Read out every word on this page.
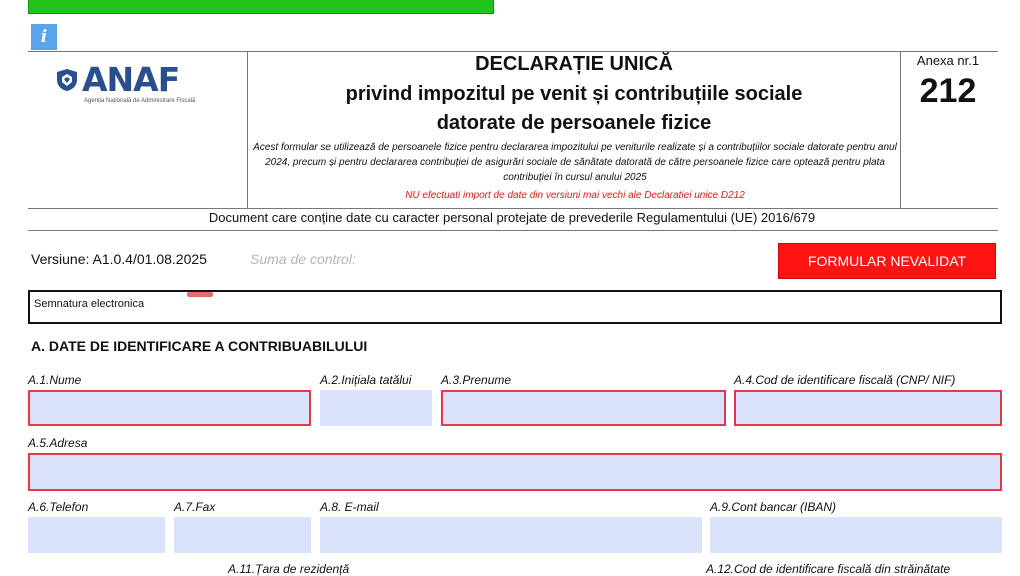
i
ANAF
Agenția Națională de Administrare Fiscală
DECLARAȚIE UNICĂ
privind impozitul pe venit și contribuțiile sociale
datorate de persoanele fizice
Acest formular se utilizează de persoanele fizice pentru declararea impozitului pe veniturile realizate și a contribuțiilor sociale datorate pentru anul 2024, precum și pentru declararea contribuției de asigurări sociale de sănătate datorată de către persoanele fizice care optează pentru plata contribuției în cursul anului 2025
NU efectuati import de date din versiuni mai vechi ale Declaratiei unice D212
Anexa nr.1
212
Document care conține date cu caracter personal protejate de prevederile Regulamentului (UE) 2016/679
Versiune: A1.0.4/01.08.2025	Suma de control:	FORMULAR NEVALIDAT
Semnatura electronica
A. DATE DE IDENTIFICARE A CONTRIBUABILULUI
A.1.Nume	A.2.Inițiala tatălui A.3.Prenume	A.4.Cod de identificare fiscală (CNP/ NIF)
A.5.Adresa
A.6.Telefon	A.7.Fax	A.8. E-mail	A.9.Cont bancar (IBAN)
A.11.Țara de rezidență	A.12.Cod de identificare fiscală din străinătate
